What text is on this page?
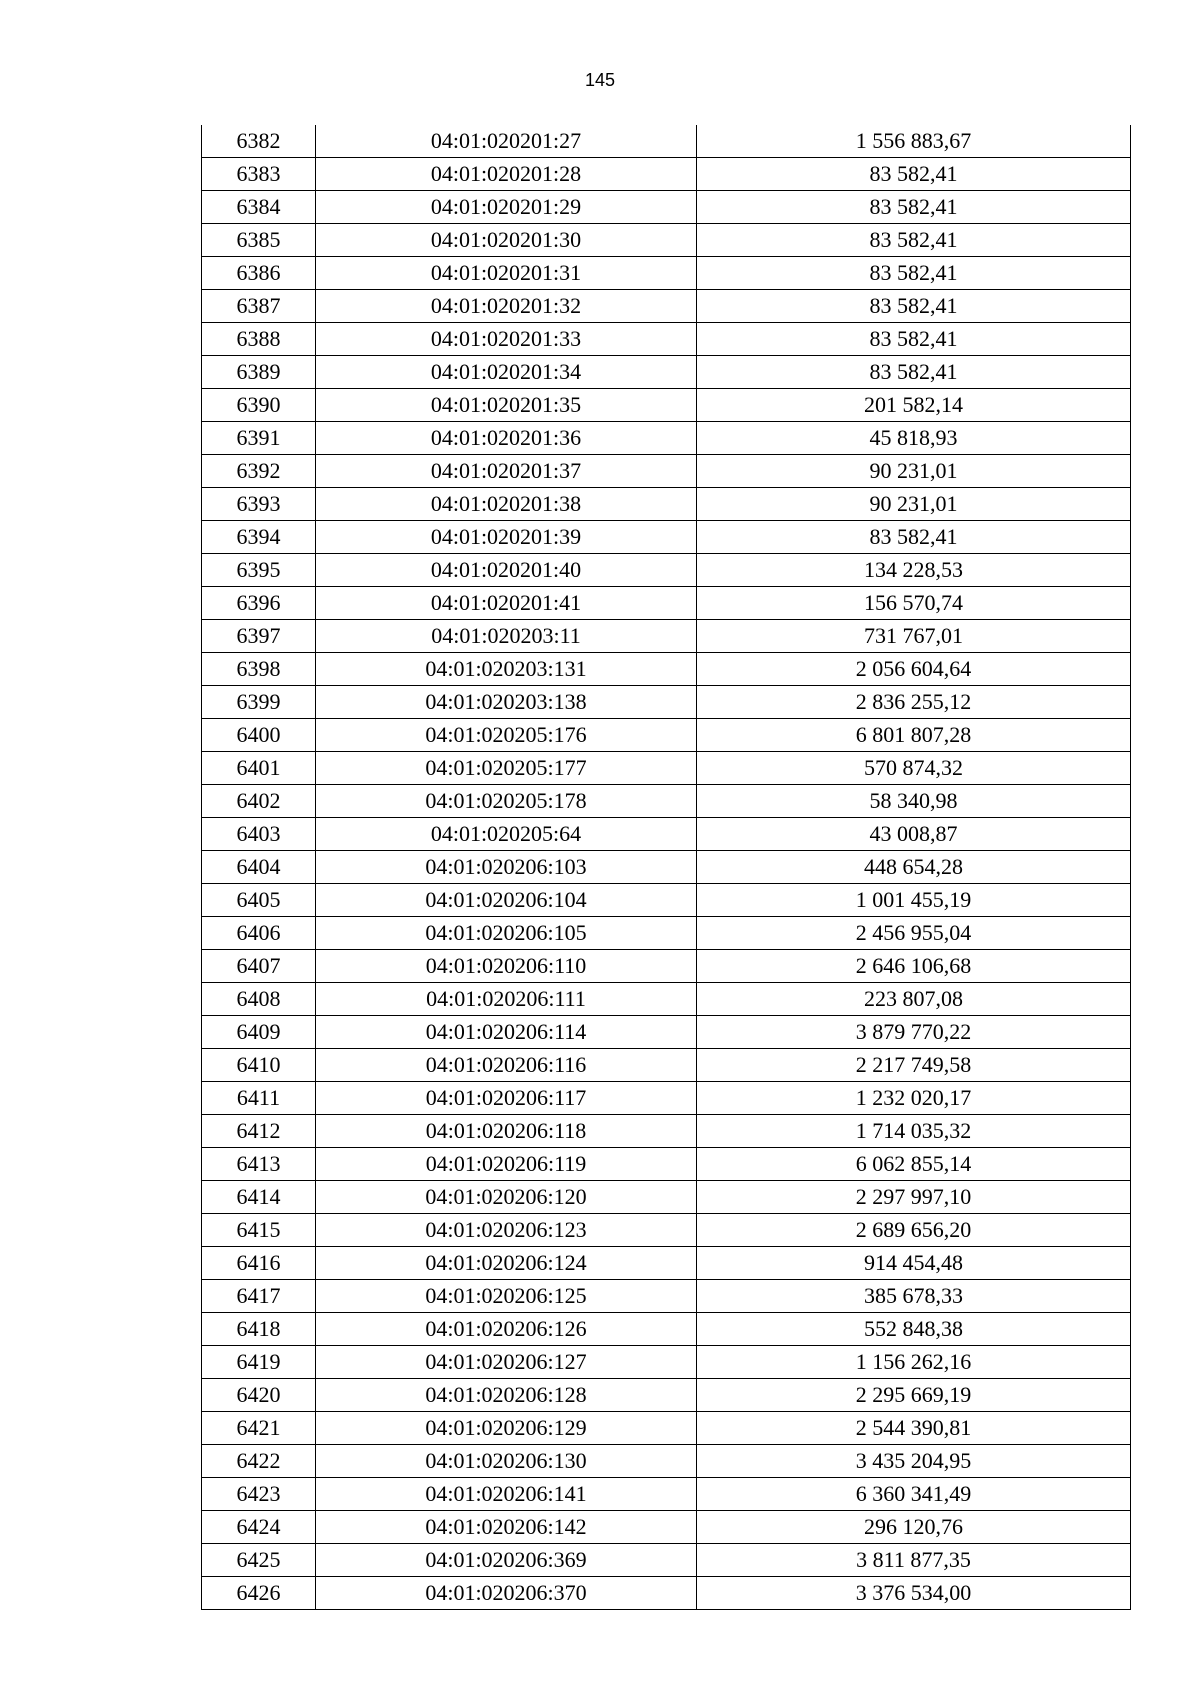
145
6382	04:01:020201:27	1 556 883,67
6383	04:01:020201:28	83 582,41
6384	04:01:020201:29	83 582,41
6385	04:01:020201:30	83 582,41
6386	04:01:020201:31	83 582,41
6387	04:01:020201:32	83 582,41
6388	04:01:020201:33	83 582,41
6389	04:01:020201:34	83 582,41
6390	04:01:020201:35	201 582,14
6391	04:01:020201:36	45 818,93
6392	04:01:020201:37	90 231,01
6393	04:01:020201:38	90 231,01
6394	04:01:020201:39	83 582,41
6395	04:01:020201:40	134 228,53
6396	04:01:020201:41	156 570,74
6397	04:01:020203:11	731 767,01
6398	04:01:020203:131	2 056 604,64
6399	04:01:020203:138	2 836 255,12
6400	04:01:020205:176	6 801 807,28
6401	04:01:020205:177	570 874,32
6402	04:01:020205:178	58 340,98
6403	04:01:020205:64	43 008,87
6404	04:01:020206:103	448 654,28
6405	04:01:020206:104	1 001 455,19
6406	04:01:020206:105	2 456 955,04
6407	04:01:020206:110	2 646 106,68
6408	04:01:020206:111	223 807,08
6409	04:01:020206:114	3 879 770,22
6410	04:01:020206:116	2 217 749,58
6411	04:01:020206:117	1 232 020,17
6412	04:01:020206:118	1 714 035,32
6413	04:01:020206:119	6 062 855,14
6414	04:01:020206:120	2 297 997,10
6415	04:01:020206:123	2 689 656,20
6416	04:01:020206:124	914 454,48
6417	04:01:020206:125	385 678,33
6418	04:01:020206:126	552 848,38
6419	04:01:020206:127	1 156 262,16
6420	04:01:020206:128	2 295 669,19
6421	04:01:020206:129	2 544 390,81
6422	04:01:020206:130	3 435 204,95
6423	04:01:020206:141	6 360 341,49
6424	04:01:020206:142	296 120,76
6425	04:01:020206:369	3 811 877,35
6426	04:01:020206:370	3 376 534,00
